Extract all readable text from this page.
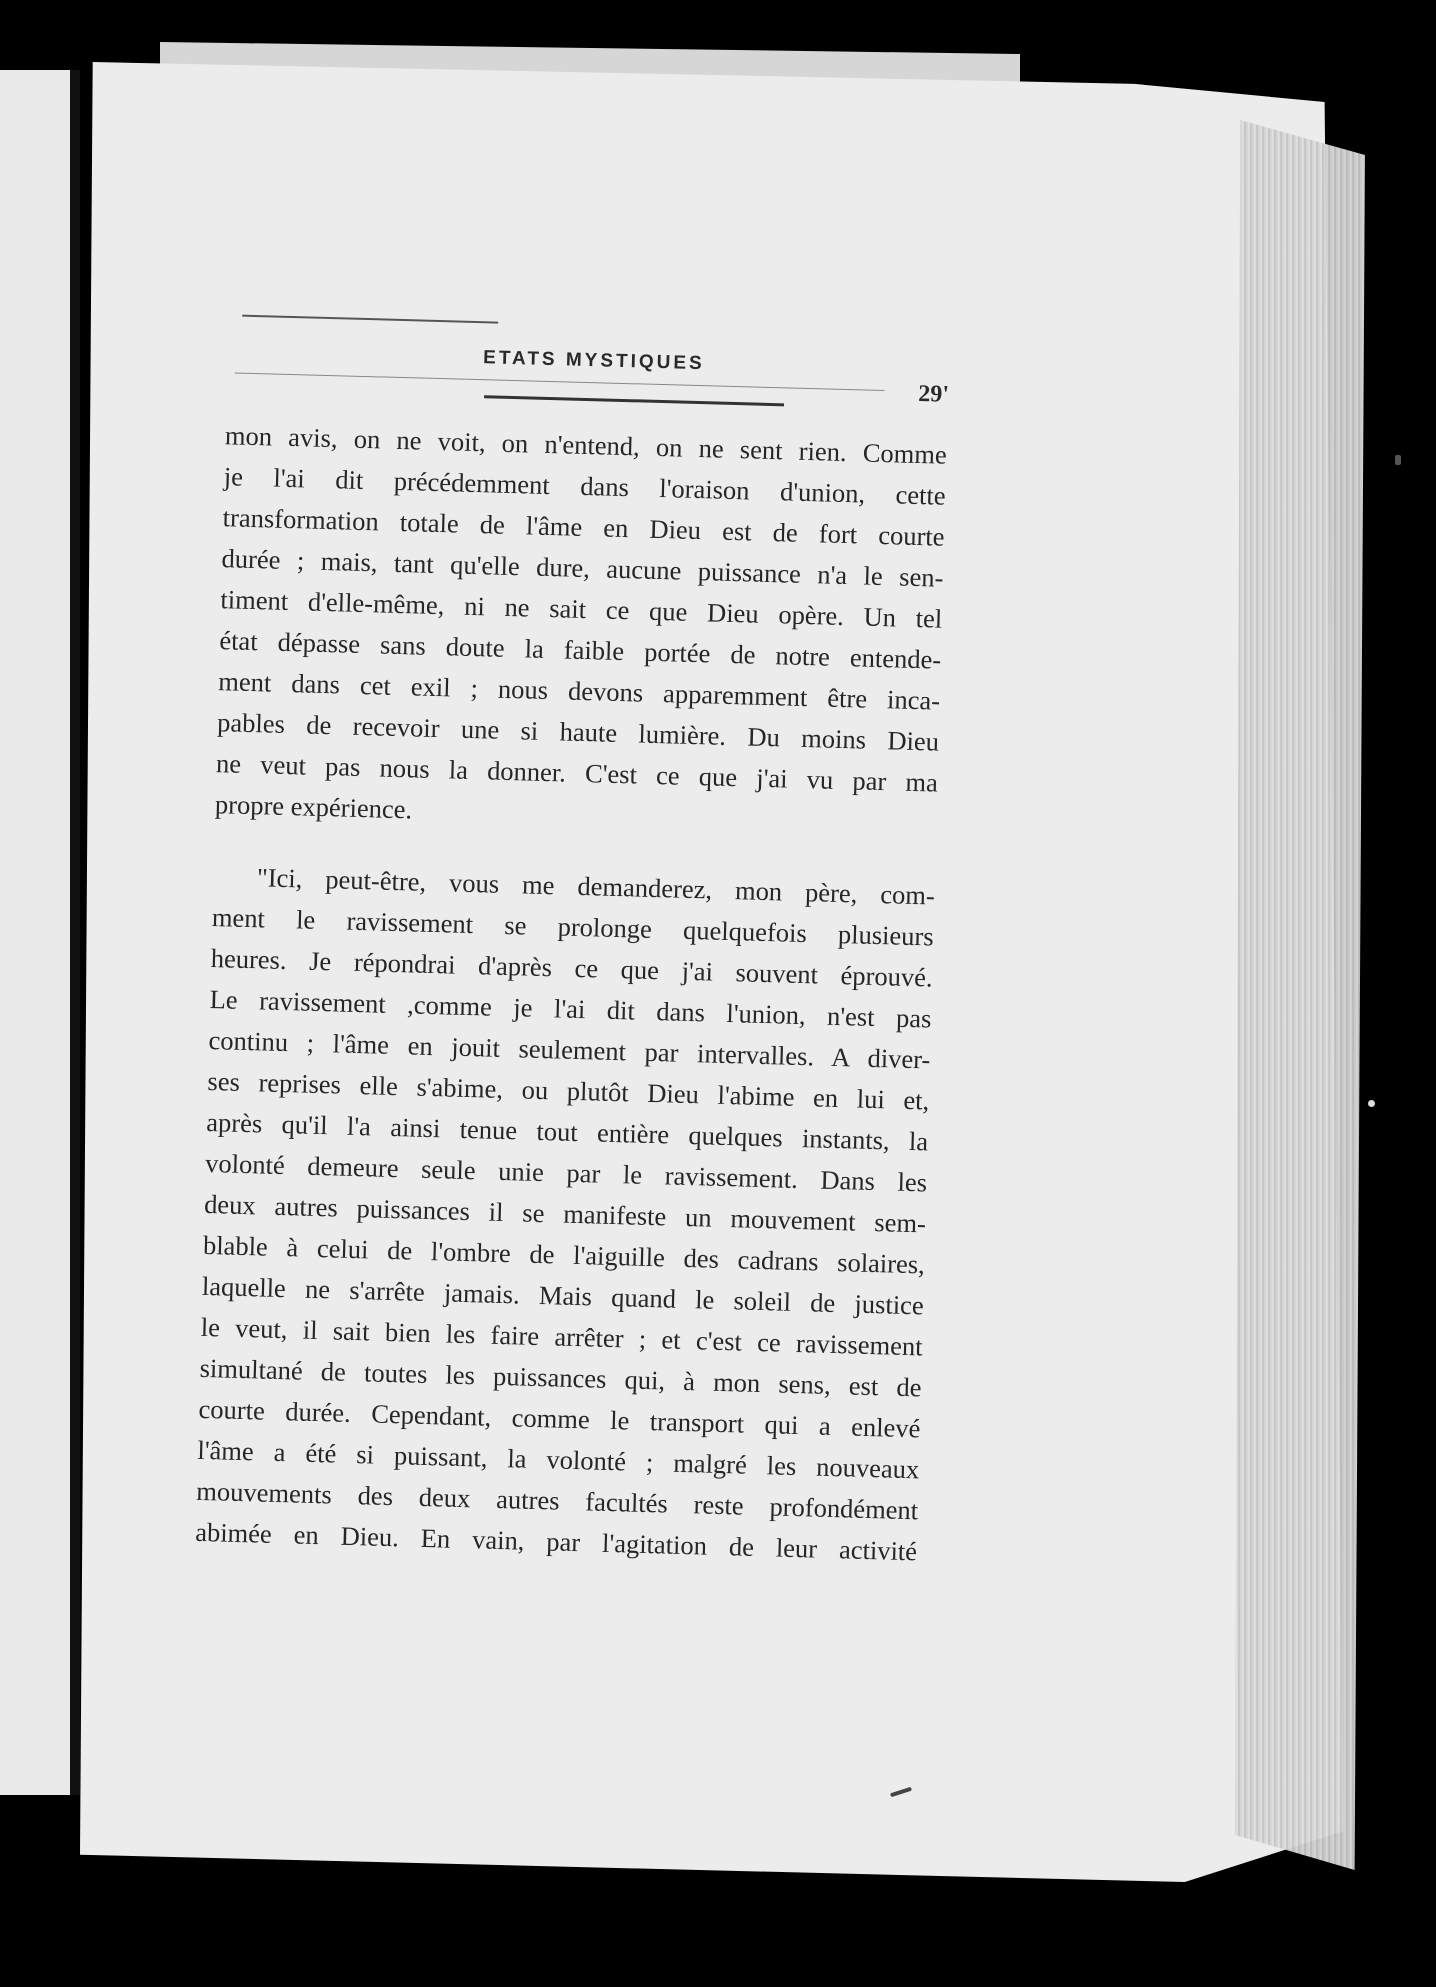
ETATS MYSTIQUES
29'
mon avis, on ne voit, on n'entend, on ne sent rien. Comme
je l'ai dit précédemment dans l'oraison d'union, cette
transformation totale de l'âme en Dieu est de fort courte
durée ; mais, tant qu'elle dure, aucune puissance n'a le sen-
timent d'elle-même, ni ne sait ce que Dieu opère. Un tel
état dépasse sans doute la faible portée de notre entende-
ment dans cet exil ; nous devons apparemment être inca-
pables de recevoir une si haute lumière. Du moins Dieu
ne veut pas nous la donner. C'est ce que j'ai vu par ma
propre expérience.
"Ici, peut-être, vous me demanderez, mon père, com-
ment le ravissement se prolonge quelquefois plusieurs
heures. Je répondrai d'après ce que j'ai souvent éprouvé.
Le ravissement ,comme je l'ai dit dans l'union, n'est pas
continu ; l'âme en jouit seulement par intervalles. A diver-
ses reprises elle s'abime, ou plutôt Dieu l'abime en lui et,
après qu'il l'a ainsi tenue tout entière quelques instants, la
volonté demeure seule unie par le ravissement. Dans les
deux autres puissances il se manifeste un mouvement sem-
blable à celui de l'ombre de l'aiguille des cadrans solaires,
laquelle ne s'arrête jamais. Mais quand le soleil de justice
le veut, il sait bien les faire arrêter ; et c'est ce ravissement
simultané de toutes les puissances qui, à mon sens, est de
courte durée. Cependant, comme le transport qui a enlevé
l'âme a été si puissant, la volonté ; malgré les nouveaux
mouvements des deux autres facultés reste profondément
abimée en Dieu. En vain, par l'agitation de leur activité
